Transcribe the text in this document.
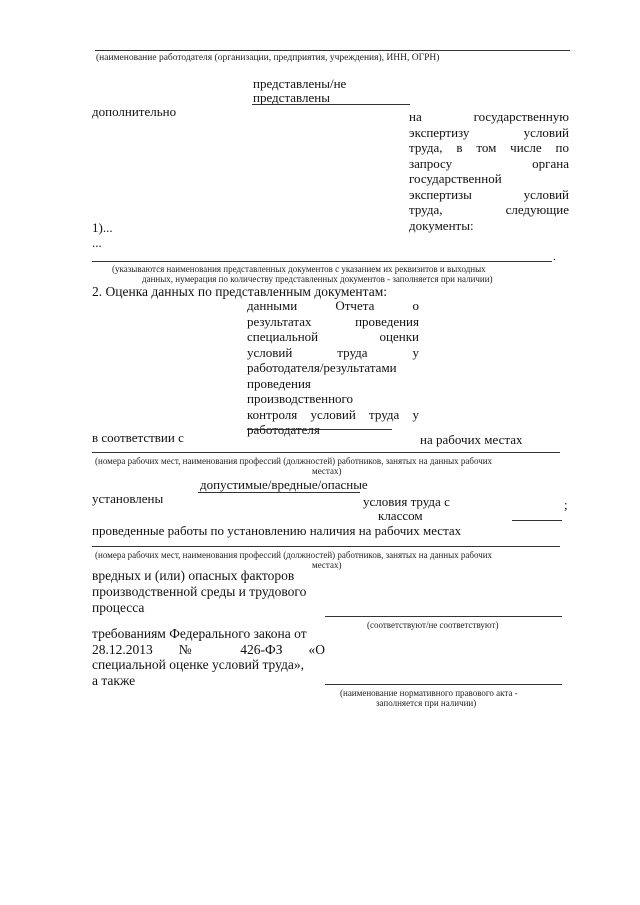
(наименование работодателя (организации, предприятия, учреждения), ИНН, ОГРН)
представлены/не
представлены
дополнительно	на государственную
экспертизу условий
труда, в том числе по
запросу органа
государственной
экспертизы условий
труда, следующие
документы:
1)...
...
.
(указываются наименования представленных документов с указанием их реквизитов и выходных
данных, нумерация по количеству представленных документов - заполняется при наличии)
2. Оценка данных по представленным документам:
данными Отчета о
результатах проведения
специальной оценки
условий труда у
работодателя/результатами
проведения
производственного
контроля условий труда у
работодателя
в соответствии с	на рабочих местах
(номера рабочих мест, наименования профессий (должностей) работников, занятых на данных рабочих
местах)
допустимые/вредные/опасные
установлены	условия труда с	;
классом
проведенные работы по установлению наличия на рабочих местах
(номера рабочих мест, наименования профессий (должностей) работников, занятых на данных рабочих
местах)
вредных и (или) опасных факторов
производственной среды и трудового
процесса
(соответствуют/не соответствуют)
требованиям Федерального закона от
28.12.2013 № 426-ФЗ «О
специальной оценке условий труда»,
а также
(наименование нормативного правового акта -
заполняется при наличии)
